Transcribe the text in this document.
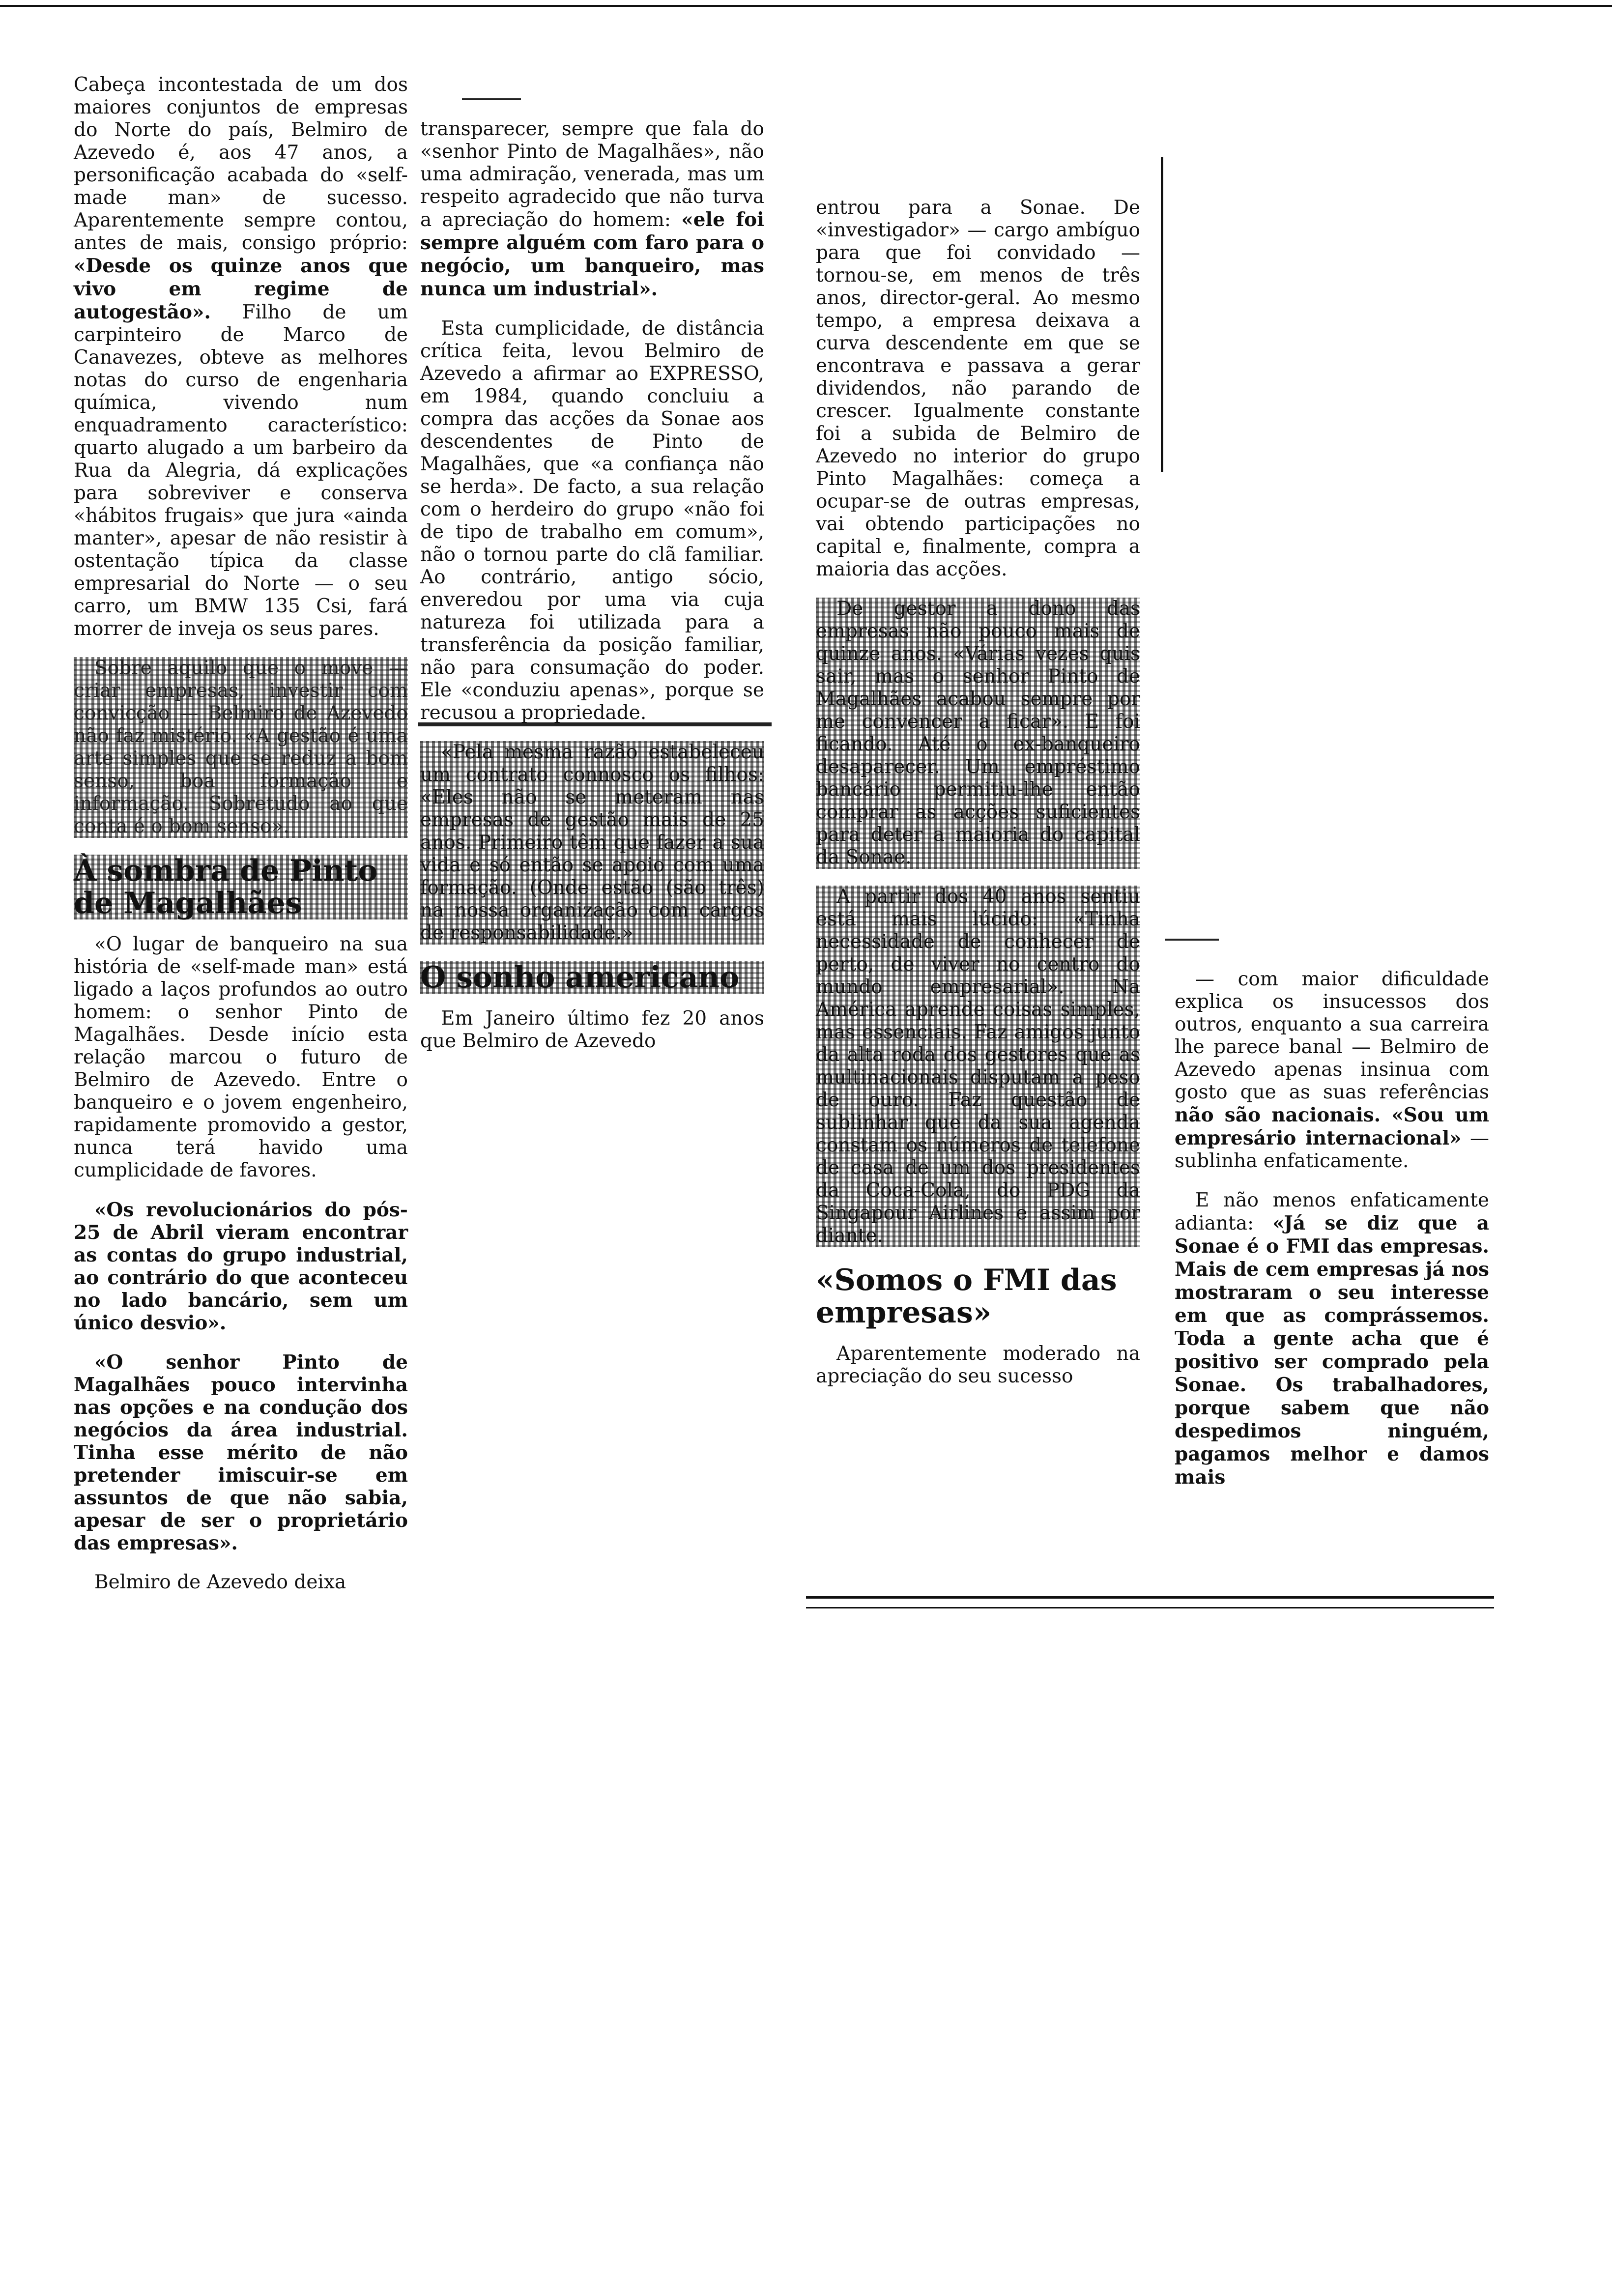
Cabeça incontestada de um dos maiores conjuntos de empresas do Norte do país, Belmiro de Azevedo é, aos 47 anos, a personificação acabada do «self-made man» de sucesso. Aparentemente sempre contou, antes de mais, consigo próprio: «Desde os quinze anos que vivo em regime de autogestão». Filho de um carpinteiro de Marco de Canavezes, obteve as melhores notas do curso de engenharia química, vivendo num enquadramento característico: quarto alugado a um barbeiro da Rua da Alegria, dá explicações para sobreviver e conserva «hábitos frugais» que jura «ainda manter», apesar de não resistir à ostentação típica da classe empresarial do Norte — o seu carro, um BMW 135 Csi, fará morrer de inveja os seus pares.

Sobre aquilo que o move — criar empresas, investir com convicção — Belmiro de Azevedo não faz mistério. «A gestão é uma arte simples que se reduz a bom senso, boa formação e informação. Sobretudo ao que conta é o bom senso».

À sombra de Pinto de Magalhães

«O lugar de banqueiro na sua história de «self-made man» está ligado a laços profundos ao outro homem: o senhor Pinto de Magalhães. Desde início esta relação marcou o futuro de Belmiro de Azevedo. Entre o banqueiro e o jovem engenheiro, rapidamente promovido a gestor, nunca terá havido uma cumplicidade de favores.

«Os revolucionários do pós-25 de Abril vieram encontrar as contas do grupo industrial, ao contrário do que aconteceu no lado bancário, sem um único desvio».

«O senhor Pinto de Magalhães pouco intervinha nas opções e na condução dos negócios da área industrial. Tinha esse mérito de não pretender imiscuir-se em assuntos de que não sabia, apesar de ser o proprietário das empresas».

Belmiro de Azevedo deixa

transparecer, sempre que fala do «senhor Pinto de Magalhães», não uma admiração, venerada, mas um respeito agradecido que não turva a apreciação do homem: «ele foi sempre alguém com faro para o negócio, um banqueiro, mas nunca um industrial».

Esta cumplicidade, de distância crítica feita, levou Belmiro de Azevedo a afirmar ao EXPRESSO, em 1984, quando concluiu a compra das acções da Sonae aos descendentes de Pinto de Magalhães, que «a confiança não se herda». De facto, a sua relação com o herdeiro do grupo «não foi de tipo de trabalho em comum», não o tornou parte do clã familiar. Ao contrário, antigo sócio, enveredou por uma via cuja natureza foi utilizada para a transferência da posição familiar, não para consumação do poder. Ele «conduziu apenas», porque se recusou a propriedade.

«Pela mesma razão estabeleceu um contrato connosco os filhos: «Eles não se meteram nas empresas de gestão mais de 25 anos. Primeiro têm que fazer a sua vida e só então se apoio com uma formação. (Onde estão (são três) na nossa organização com cargos de responsabilidade.»

O sonho americano

Em Janeiro último fez 20 anos que Belmiro de Azevedo

entrou para a Sonae. De «investigador» — cargo ambíguo para que foi convidado — tornou-se, em menos de três anos, director-geral. Ao mesmo tempo, a empresa deixava a curva descendente em que se encontrava e passava a gerar dividendos, não parando de crescer. Igualmente constante foi a subida de Belmiro de Azevedo no interior do grupo Pinto Magalhães: começa a ocupar-se de outras empresas, vai obtendo participações no capital e, finalmente, compra a maioria das acções.

De gestor a dono das empresas não pouco mais de quinze anos. «Várias vezes quis sair, mas o senhor Pinto de Magalhães acabou sempre por me convencer a ficar». E foi ficando. Até o ex-banqueiro desaparecer. Um empréstimo bancário permitiu-lhe então comprar as acções suficientes para deter a maioria do capital da Sonae.

A partir dos 40 anos sentiu está mais lúcido: «Tinha necessidade de conhecer de perto, de viver no centro do mundo empresarial». Na América aprende coisas simples, mas essenciais. Faz amigos junto da alta roda dos gestores que as multinacionais disputam a peso de ouro. Faz questão de sublinhar que da sua agenda constam os números de telefone de casa de um dos presidentes da Coca-Cola, do PDG da Singapour Airlines e assim por diante.

«Somos o FMI das empresas»

Aparentemente moderado na apreciação do seu sucesso

— com maior dificuldade explica os insucessos dos outros, enquanto a sua carreira lhe parece banal — Belmiro de Azevedo apenas insinua com gosto que as suas referências não são nacionais. «Sou um empresário internacional» — sublinha enfaticamente.

E não menos enfaticamente adianta: «Já se diz que a Sonae é o FMI das empresas. Mais de cem empresas já nos mostraram o seu interesse em que as comprássemos. Toda a gente acha que é positivo ser comprado pela Sonae. Os trabalhadores, porque sabem que não despedimos ninguém, pagamos melhor e damos mais
